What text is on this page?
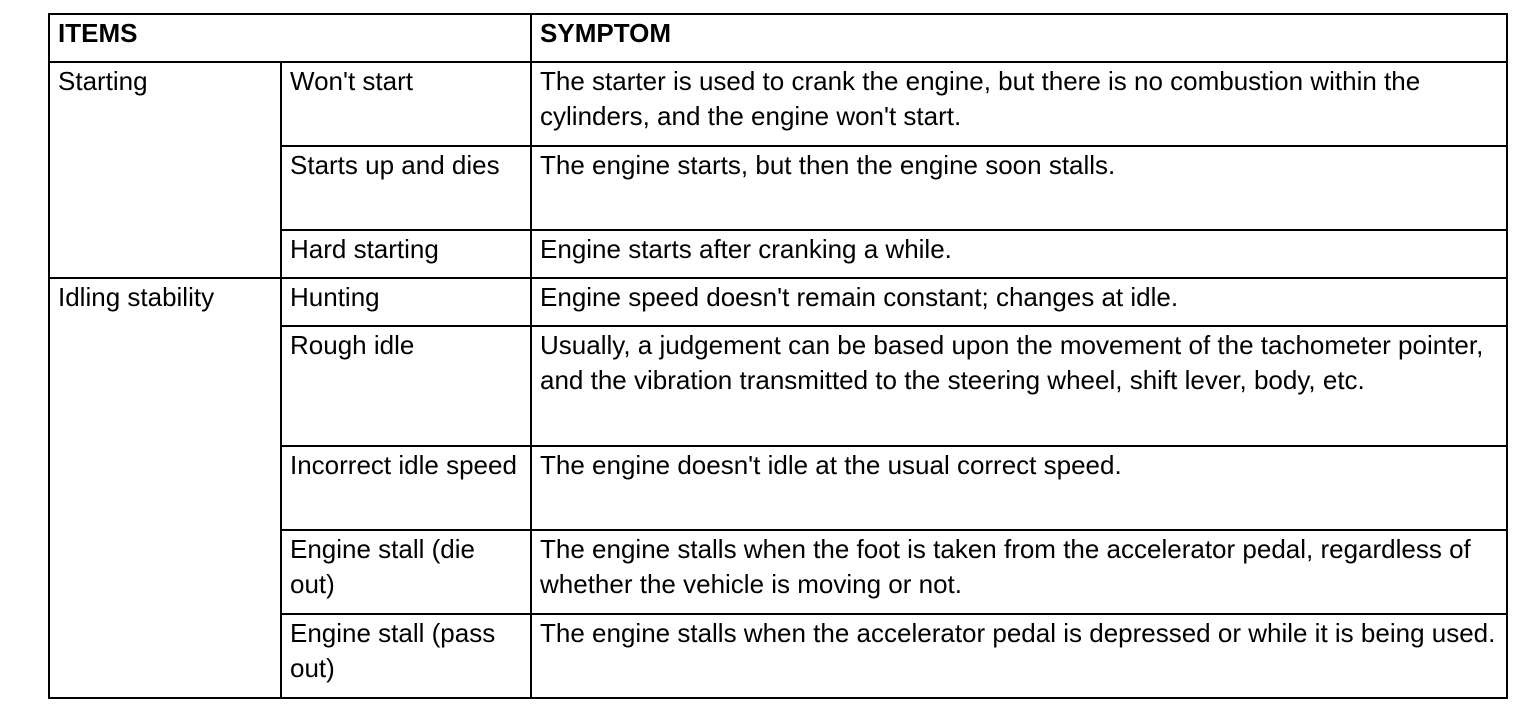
ITEMS		SYMPTOM
Starting	Won't start	The starter is used to crank the engine, but there is no combustion within the cylinders, and the engine won't start.
	Starts up and dies	The engine starts, but then the engine soon stalls.
	Hard starting	Engine starts after cranking a while.
Idling stability	Hunting	Engine speed doesn't remain constant; changes at idle.
	Rough idle	Usually, a judgement can be based upon the movement of the tachometer pointer, and the vibration transmitted to the steering wheel, shift lever, body, etc.
	Incorrect idle speed	The engine doesn't idle at the usual correct speed.
	Engine stall (die out)	The engine stalls when the foot is taken from the accelerator pedal, regardless of whether the vehicle is moving or not.
	Engine stall (pass out)	The engine stalls when the accelerator pedal is depressed or while it is being used.
